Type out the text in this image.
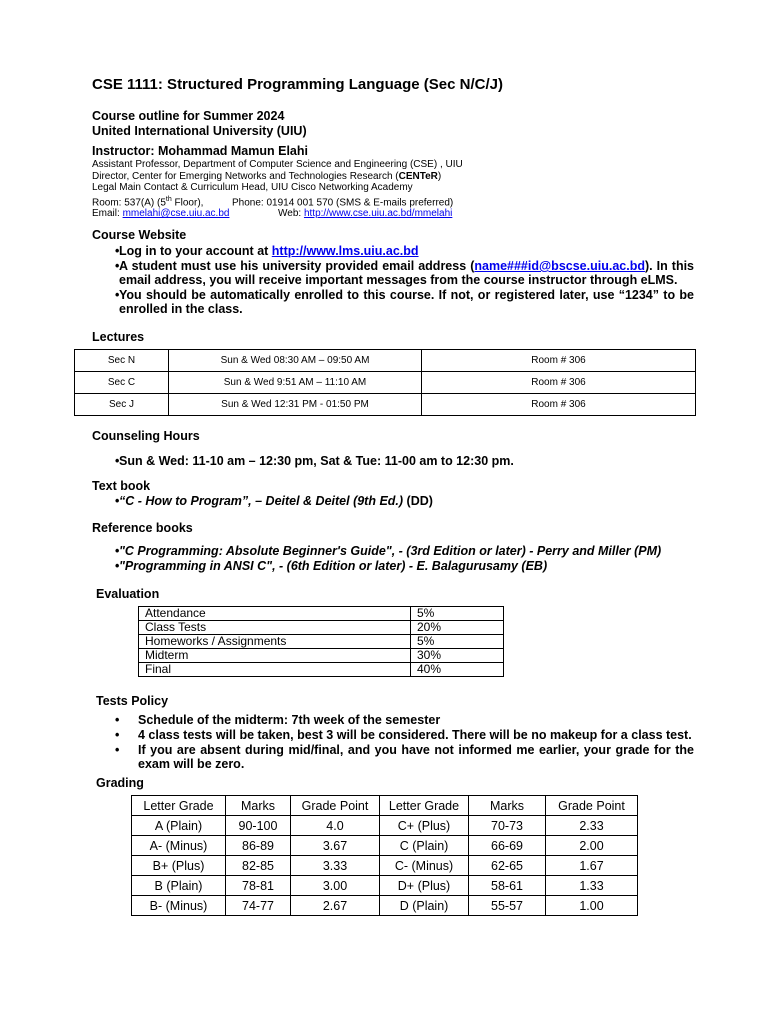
CSE 1111: Structured Programming Language (Sec N/C/J)
Course outline for Summer 2024
United International University (UIU)
Instructor: Mohammad Mamun Elahi
Assistant Professor, Department of Computer Science and Engineering (CSE) , UIU
Director, Center for Emerging Networks and Technologies Research (CENTeR)
Legal Main Contact & Curriculum Head, UIU Cisco Networking Academy
Room: 537(A) (5th Floor),	Phone: 01914 001 570 (SMS & E-mails preferred)
Email: mmelahi@cse.uiu.ac.bd	Web: http://www.cse.uiu.ac.bd/mmelahi
Course Website
• Log in to your account at http://www.lms.uiu.ac.bd
• A student must use his university provided email address (name###id@bscse.uiu.ac.bd). In this email address, you will receive important messages from the course instructor through eLMS.
• You should be automatically enrolled to this course. If not, or registered later, use “1234” to be enrolled in the class.
Lectures
Sec N	Sun & Wed 08:30 AM – 09:50 AM	Room # 306
Sec C	Sun & Wed 9:51 AM – 11:10 AM	Room # 306
Sec J	Sun & Wed 12:31 PM - 01:50 PM	Room # 306
Counseling Hours
• Sun & Wed: 11-10 am – 12:30 pm, Sat & Tue: 11-00 am to 12:30 pm.
Text book
• “C - How to Program”, – Deitel & Deitel (9th Ed.) (DD)
Reference books
• "C Programming: Absolute Beginner's Guide", - (3rd Edition or later) - Perry and Miller (PM)
• "Programming in ANSI C", - (6th Edition or later) - E. Balagurusamy (EB)
Evaluation
Attendance	5%
Class Tests	20%
Homeworks / Assignments	5%
Midterm	30%
Final	40%
Tests Policy
• Schedule of the midterm: 7th week of the semester
• 4 class tests will be taken, best 3 will be considered. There will be no makeup for a class test.
• If you are absent during mid/final, and you have not informed me earlier, your grade for the exam will be zero.
Grading
Letter Grade	Marks	Grade Point	Letter Grade	Marks	Grade Point
A (Plain)	90-100	4.0	C+ (Plus)	70-73	2.33
A- (Minus)	86-89	3.67	C (Plain)	66-69	2.00
B+ (Plus)	82-85	3.33	C- (Minus)	62-65	1.67
B (Plain)	78-81	3.00	D+ (Plus)	58-61	1.33
B- (Minus)	74-77	2.67	D (Plain)	55-57	1.00
